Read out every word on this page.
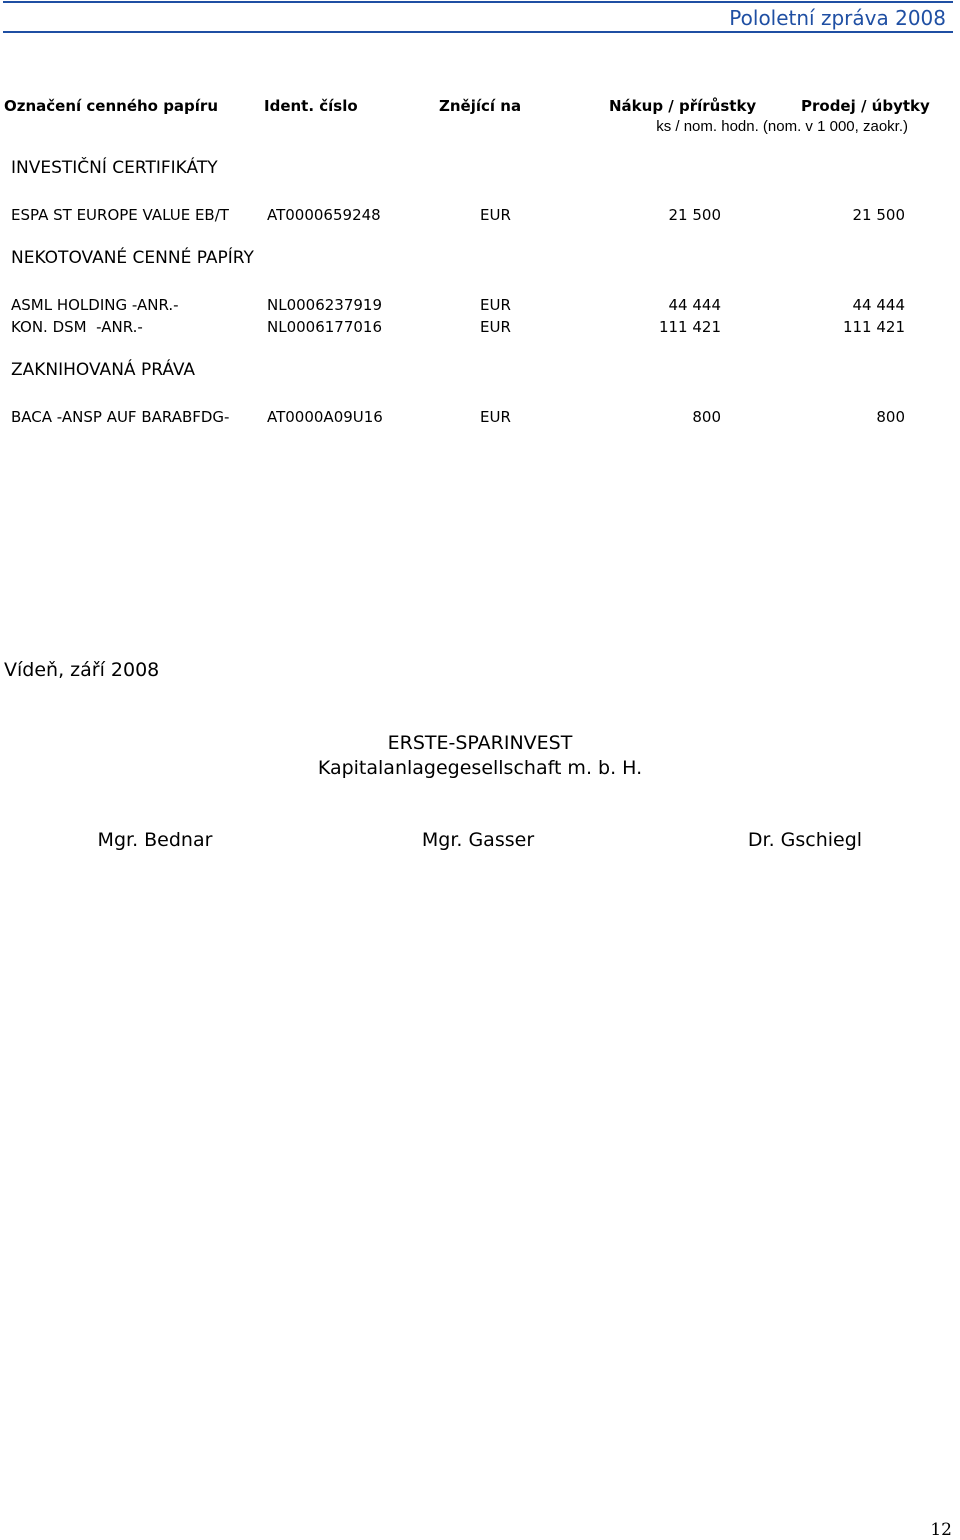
Pololetní zpráva 2008
Označení cenného papíru	Ident. číslo	Znějící na	Nákup / přírůstky	Prodej / úbytky
ks / nom. hodn. (nom. v 1 000, zaokr.)
INVESTIČNÍ CERTIFIKÁTY
ESPA ST EUROPE VALUE EB/T	AT0000659248	EUR	21 500	21 500
NEKOTOVANÉ CENNÉ PAPÍRY
ASML HOLDING -ANR.-	NL0006237919	EUR	44 444	44 444
KON. DSM  -ANR.-	NL0006177016	EUR	111 421	111 421
ZAKNIHOVANÁ PRÁVA
BACA -ANSP AUF BARABFDG-	AT0000A09U16	EUR	800	800
Vídeň, září 2008
ERSTE-SPARINVEST
Kapitalanlagegesellschaft m. b. H.
Mgr. Bednar	Mgr. Gasser	Dr. Gschiegl
12
